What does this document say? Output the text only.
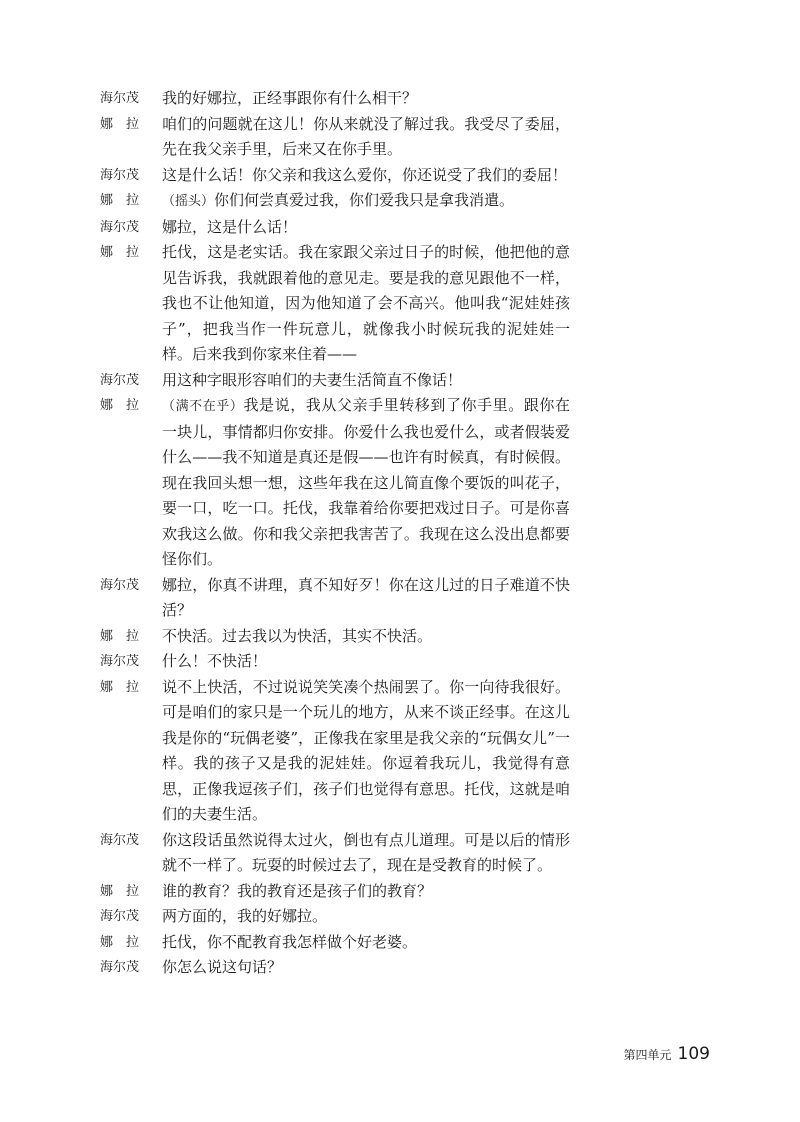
海尔茂	我的好娜拉，正经事跟你有什么相干？
娜　拉	咱们的问题就在这儿！你从来就没了解过我。我受尽了委屈，先在我父亲手里，后来又在你手里。
海尔茂	这是什么话！你父亲和我这么爱你，你还说受了我们的委屈！
娜　拉	（摇头）你们何尝真爱过我，你们爱我只是拿我消遣。
海尔茂	娜拉，这是什么话！
娜　拉	托伐，这是老实话。我在家跟父亲过日子的时候，他把他的意见告诉我，我就跟着他的意见走。要是我的意见跟他不一样，我也不让他知道，因为他知道了会不高兴。他叫我“泥娃娃孩子”，把我当作一件玩意儿，就像我小时候玩我的泥娃娃一样。后来我到你家来住着——
海尔茂	用这种字眼形容咱们的夫妻生活简直不像话！
娜　拉	（满不在乎）我是说，我从父亲手里转移到了你手里。跟你在一块儿，事情都归你安排。你爱什么我也爱什么，或者假装爱什么——我不知道是真还是假——也许有时候真，有时候假。现在我回头想一想，这些年我在这儿简直像个要饭的叫花子，要一口，吃一口。托伐，我靠着给你要把戏过日子。可是你喜欢我这么做。你和我父亲把我害苦了。我现在这么没出息都要怪你们。
海尔茂	娜拉，你真不讲理，真不知好歹！你在这儿过的日子难道不快活？
娜　拉	不快活。过去我以为快活，其实不快活。
海尔茂	什么！不快活！
娜　拉	说不上快活，不过说说笑笑凑个热闹罢了。你一向待我很好。可是咱们的家只是一个玩儿的地方，从来不谈正经事。在这儿我是你的“玩偶老婆”，正像我在家里是我父亲的“玩偶女儿”一样。我的孩子又是我的泥娃娃。你逗着我玩儿，我觉得有意思，正像我逗孩子们，孩子们也觉得有意思。托伐，这就是咱们的夫妻生活。
海尔茂	你这段话虽然说得太过火，倒也有点儿道理。可是以后的情形就不一样了。玩耍的时候过去了，现在是受教育的时候了。
娜　拉	谁的教育？我的教育还是孩子们的教育？
海尔茂	两方面的，我的好娜拉。
娜　拉	托伐，你不配教育我怎样做个好老婆。
海尔茂	你怎么说这句话？
第四单元 109
